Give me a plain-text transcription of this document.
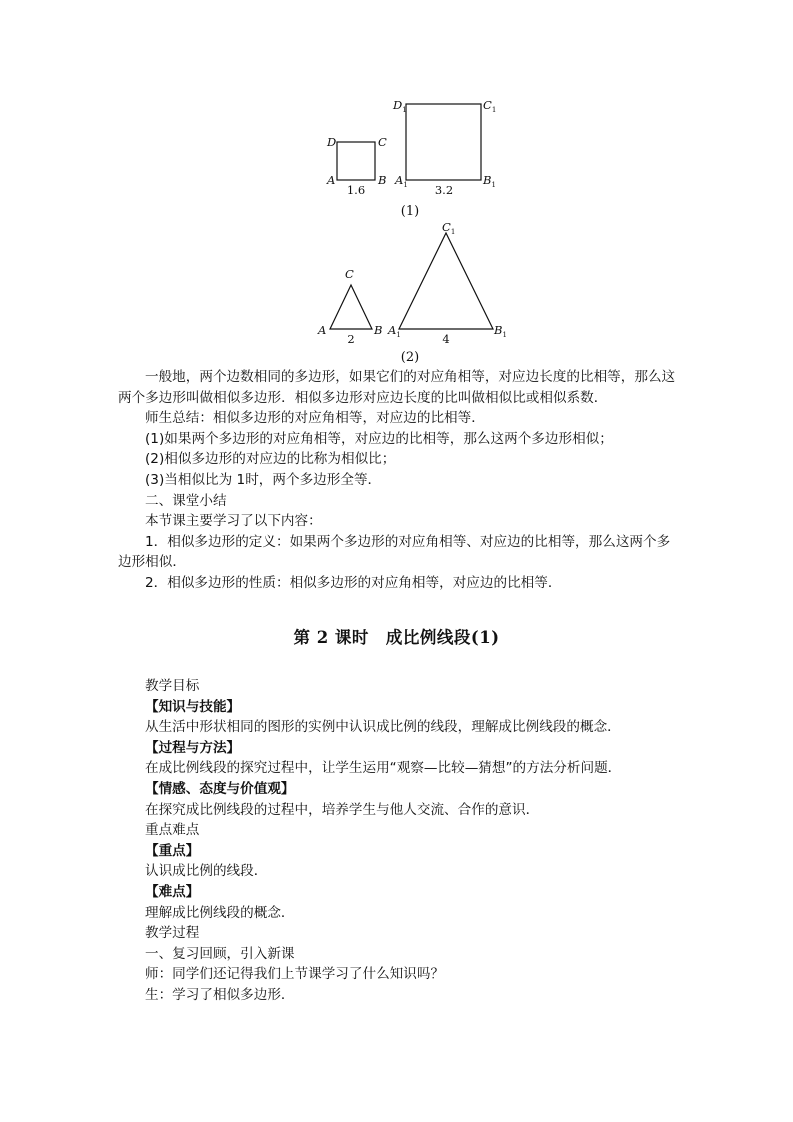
D	C
A	B
1.6
$D_1$	$C_1$
$A_1$	$B_1$
3.2
(1)
A	B
C
2
$A_1$	$B_1$
$C_1$
4
(2)

一般地，两个边数相同的多边形，如果它们的对应角相等，对应边长度的比相等，那么这两个多边形叫做相似多边形．相似多边形对应边长度的比叫做相似比或相似系数．

师生总结：相似多边形的对应角相等，对应边的比相等．

(1)如果两个多边形的对应角相等，对应边的比相等，那么这两个多边形相似；

(2)相似多边形的对应边的比称为相似比；

(3)当相似比为 1时，两个多边形全等．

二、课堂小结

本节课主要学习了以下内容：

1．相似多边形的定义：如果两个多边形的对应角相等、对应边的比相等，那么这两个多边形相似．

2．相似多边形的性质：相似多边形的对应角相等，对应边的比相等．

第 2 课时　成比例线段(1)

教学目标

【知识与技能】

从生活中形状相同的图形的实例中认识成比例的线段，理解成比例线段的概念．

【过程与方法】

在成比例线段的探究过程中，让学生运用“观察—比较—猜想”的方法分析问题．

【情感、态度与价值观】

在探究成比例线段的过程中，培养学生与他人交流、合作的意识．

重点难点

【重点】

认识成比例的线段．

【难点】

理解成比例线段的概念．

教学过程

一、复习回顾，引入新课

师：同学们还记得我们上节课学习了什么知识吗？

生：学习了相似多边形．
